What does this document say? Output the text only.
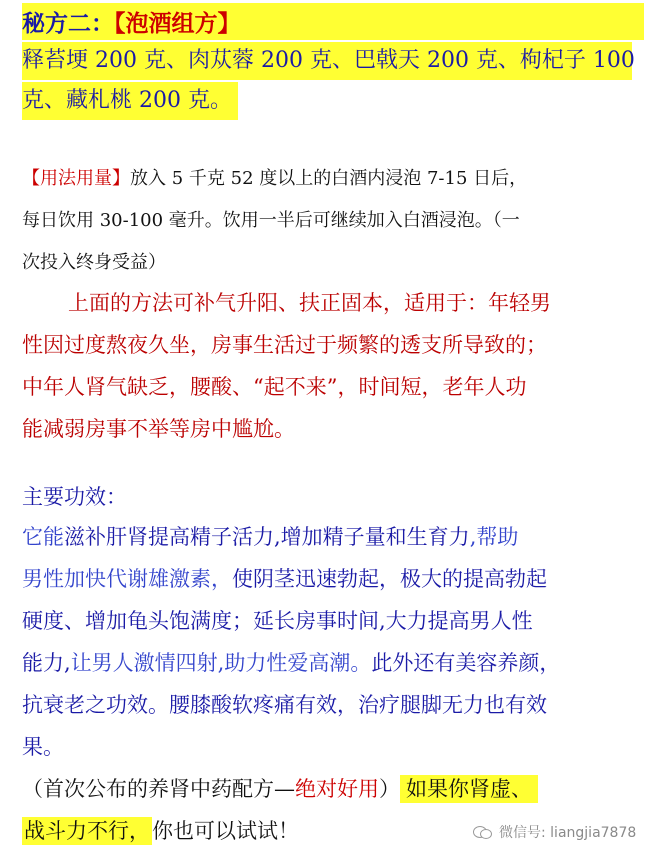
秘方二：【泡酒组方】
释苔埂 200 克、肉苁蓉 200 克、巴戟天 200 克、枸杞子 100
克、藏札桃 200 克。
【用法用量】放入 5 千克 52 度以上的白酒内浸泡 7-15 日后，
每日饮用 30-100 毫升。饮用一半后可继续加入白酒浸泡。（一
次投入终身受益）
上面的方法可补气升阳、扶正固本，适用于：年轻男
性因过度熬夜久坐，房事生活过于频繁的透支所导致的；
中年人肾气缺乏，腰酸、“起不来”，时间短，老年人功
能减弱房事不举等房中尴尬。
主要功效：
它能滋补肝肾提高精子活力,增加精子量和生育力,帮助
男性加快代谢雄激素，使阴茎迅速勃起，极大的提高勃起
硬度、增加龟头饱满度；延长房事时间,大力提高男人性
能力,让男人激情四射,助力性爱高潮。此外还有美容养颜，
抗衰老之功效。腰膝酸软疼痛有效，治疗腿脚无力也有效
果。
（首次公布的养肾中药配方—绝对好用） 如果你肾虚、
战斗力不行，你也可以试试！	微信号: liangjia7878
